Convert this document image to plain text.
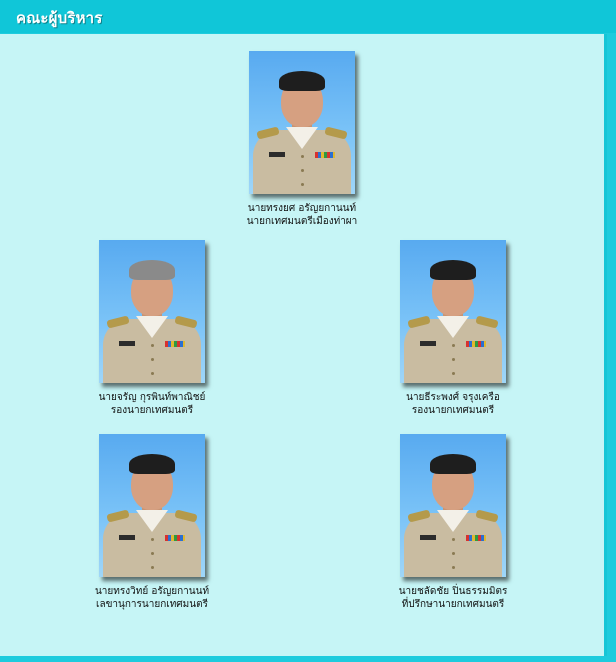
คณะผู้บริหาร
นายทรงยศ อรัญยกานนท์
นายกเทศมนตรีเมืองท่าผา
นายจรัญ กุรพินท์พาณิชย์
รองนายกเทศมนตรี
นายธีระพงศ์ จรุงเครือ
รองนายกเทศมนตรี
นายทรงวิทย์ อรัญยกานนท์
เลขานุการนายกเทศมนตรี
นายชลัดชัย ปิ่นธรรมมิตร
ที่ปรึกษานายกเทศมนตรี
